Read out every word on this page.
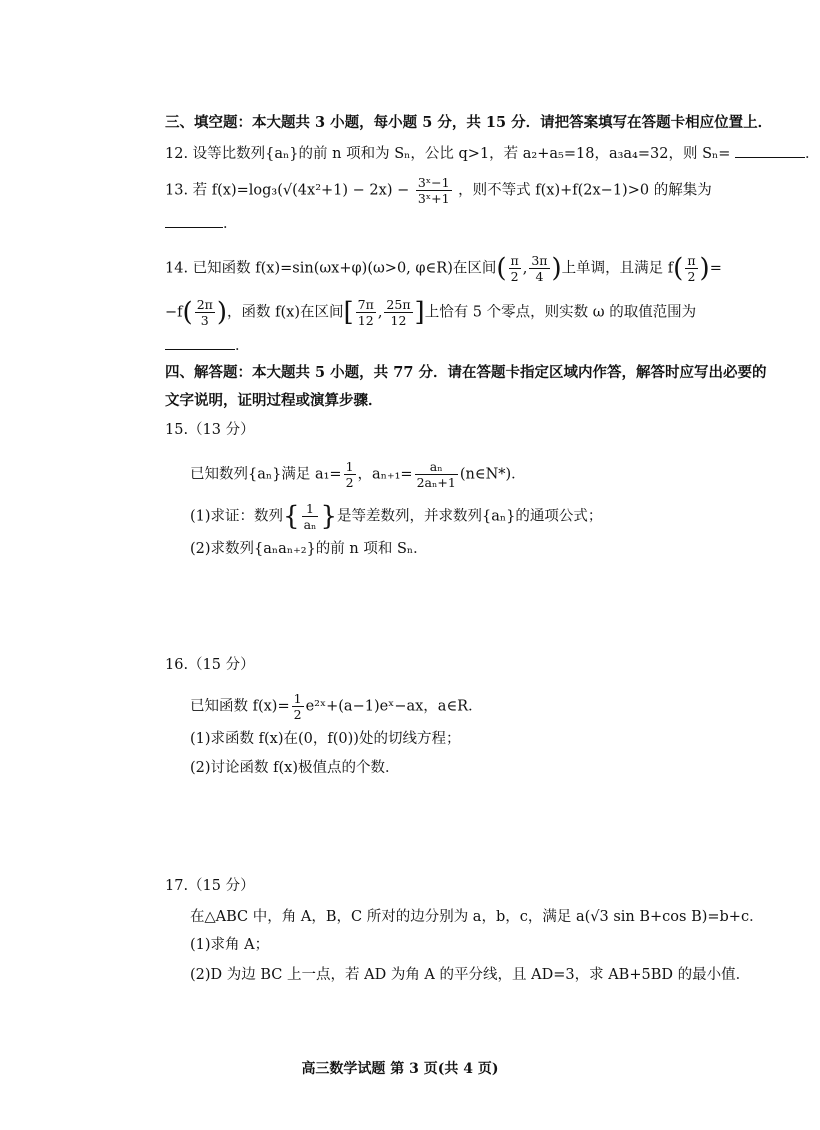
三、填空题：本大题共 3 小题，每小题 5 分，共 15 分．请把答案填写在答题卡相应位置上．
12. 设等比数列{aₙ}的前 n 项和为 Sₙ，公比 q>1，若 a₂+a₅=18，a₃a₄=32，则 Sₙ=	．
13. 若 $f(x)=\log_3(√(4x^2+1) - 2x) - \frac{\text{3ˣ−1}}{\text{3ˣ+1}}$ ，则不等式 f(x)+f(2x−1)>0 的解集为
．
14. 已知函数 f(x)=sin(ωx+φ)(ω>0, φ∈R)在区间( $\frac{\pi}{2}$ , $\frac{3\pi}{4}$ )上单调，且满足 $f( \frac{\pi}{2}$ )=
$-f( \frac{2\pi}{3}$ )，函数 f(x)在区间[ $\frac{7\pi}{12}$ , $\frac{25\pi}{12}$ ]上恰有 5 个零点，则实数 ω 的取值范围为
．
四、解答题：本大题共 5 小题，共 77 分．请在答题卡指定区域内作答，解答时应写出必要的
文字说明，证明过程或演算步骤．
15.（13 分）
已知数列{aₙ}满足 $a_1= \frac{1}{2}$ ，$a_{n+1}= \frac{\text{aₙ}}{\text{2aₙ+1}}$ (n∈N*)．
(1)求证：数列{ $\frac{1}{\text{aₙ}}$ }是等差数列，并求数列{aₙ}的通项公式；
(2)求数列{aₙaₙ₊₂}的前 n 项和 Sₙ．
16.（15 分）
已知函数 $f(x)= \frac{1}{2}$ e²ˣ+(a−1)eˣ−ax，a∈R．
(1)求函数 f(x)在(0，f(0))处的切线方程；
(2)讨论函数 f(x)极值点的个数．
17.（15 分）
在△ABC 中，角 A，B，C 所对的边分别为 a，b，c，满足 a(√3 sin B+cos B)=b+c．
(1)求角 A；
(2)D 为边 BC 上一点，若 AD 为角 A 的平分线，且 AD=3，求 AB+5BD 的最小值．
高三数学试题 第 3 页(共 4 页)
